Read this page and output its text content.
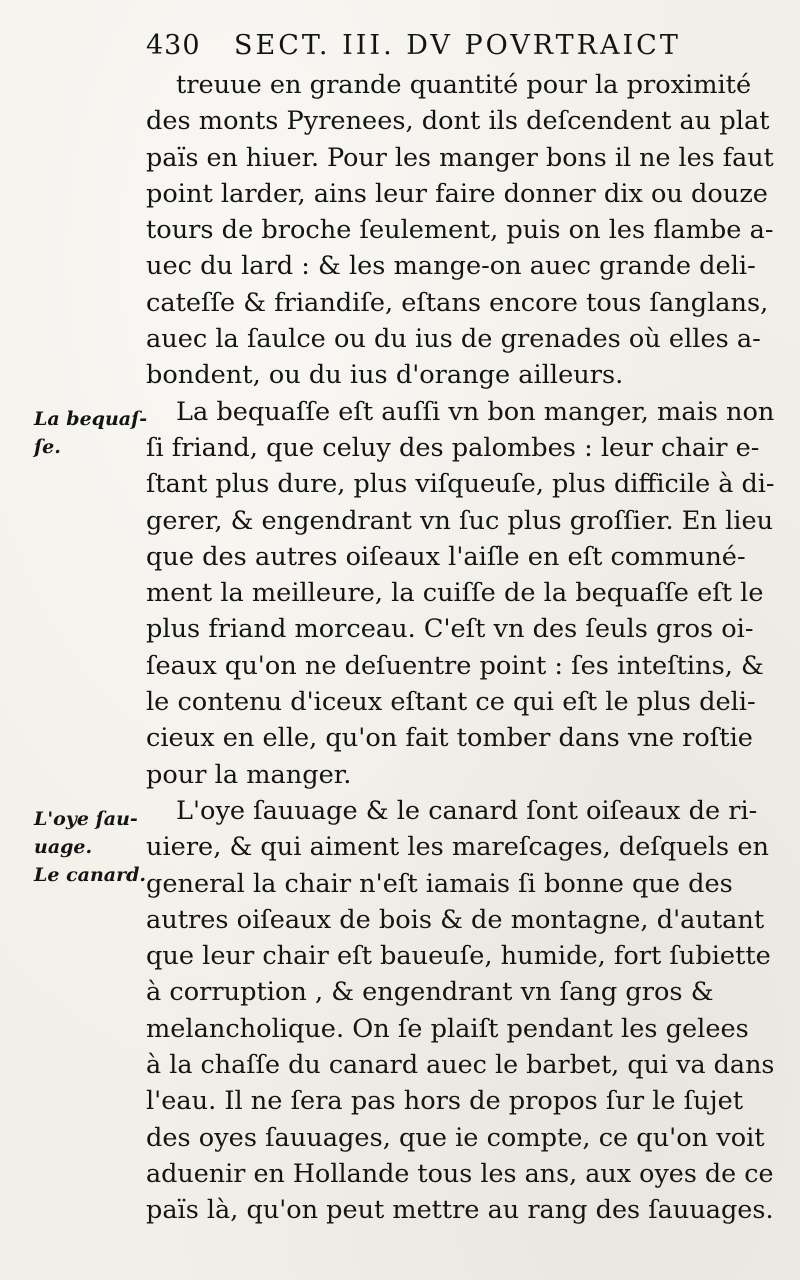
430 SECT. III. DV POVRTRAICT
La bequaſ-
ſe.
L'oye ſau-
uage.
Le canard.
treuue en grande quantité pour la proximité
des monts Pyrenees, dont ils deſcendent au plat
païs en hiuer. Pour les manger bons il ne les faut
point larder, ains leur faire donner dix ou douze
tours de broche ſeulement, puis on les flambe a-
uec du lard : & les mange-on auec grande deli-
cateſſe & friandiſe, eſtans encore tous ſanglans,
auec la ſaulce ou du ius de grenades où elles a-
bondent, ou du ius d'orange ailleurs.
La bequaſſe eſt auſſi vn bon manger, mais non
ſi friand, que celuy des palombes : leur chair e-
ſtant plus dure, plus viſqueuſe, plus difficile à di-
gerer, & engendrant vn ſuc plus groſſier. En lieu
que des autres oiſeaux l'aiſle en eſt communé-
ment la meilleure, la cuiſſe de la bequaſſe eſt le
plus friand morceau. C'eſt vn des ſeuls gros oi-
ſeaux qu'on ne deſuentre point : ſes inteſtins, &
le contenu d'iceux eſtant ce qui eſt le plus deli-
cieux en elle, qu'on fait tomber dans vne roſtie
pour la manger.
L'oye ſauuage & le canard ſont oiſeaux de ri-
uiere, & qui aiment les mareſcages, deſquels en
general la chair n'eſt iamais ſi bonne que des
autres oiſeaux de bois & de montagne, d'autant
que leur chair eſt baueuſe, humide, fort ſubiette
à corruption , & engendrant vn ſang gros &
melancholique. On ſe plaiſt pendant les gelees
à la chaſſe du canard auec le barbet, qui va dans
l'eau. Il ne ſera pas hors de propos ſur le ſujet
des oyes ſauuages, que ie compte, ce qu'on voit
aduenir en Hollande tous les ans, aux oyes de ce
païs là, qu'on peut mettre au rang des ſauuages.
